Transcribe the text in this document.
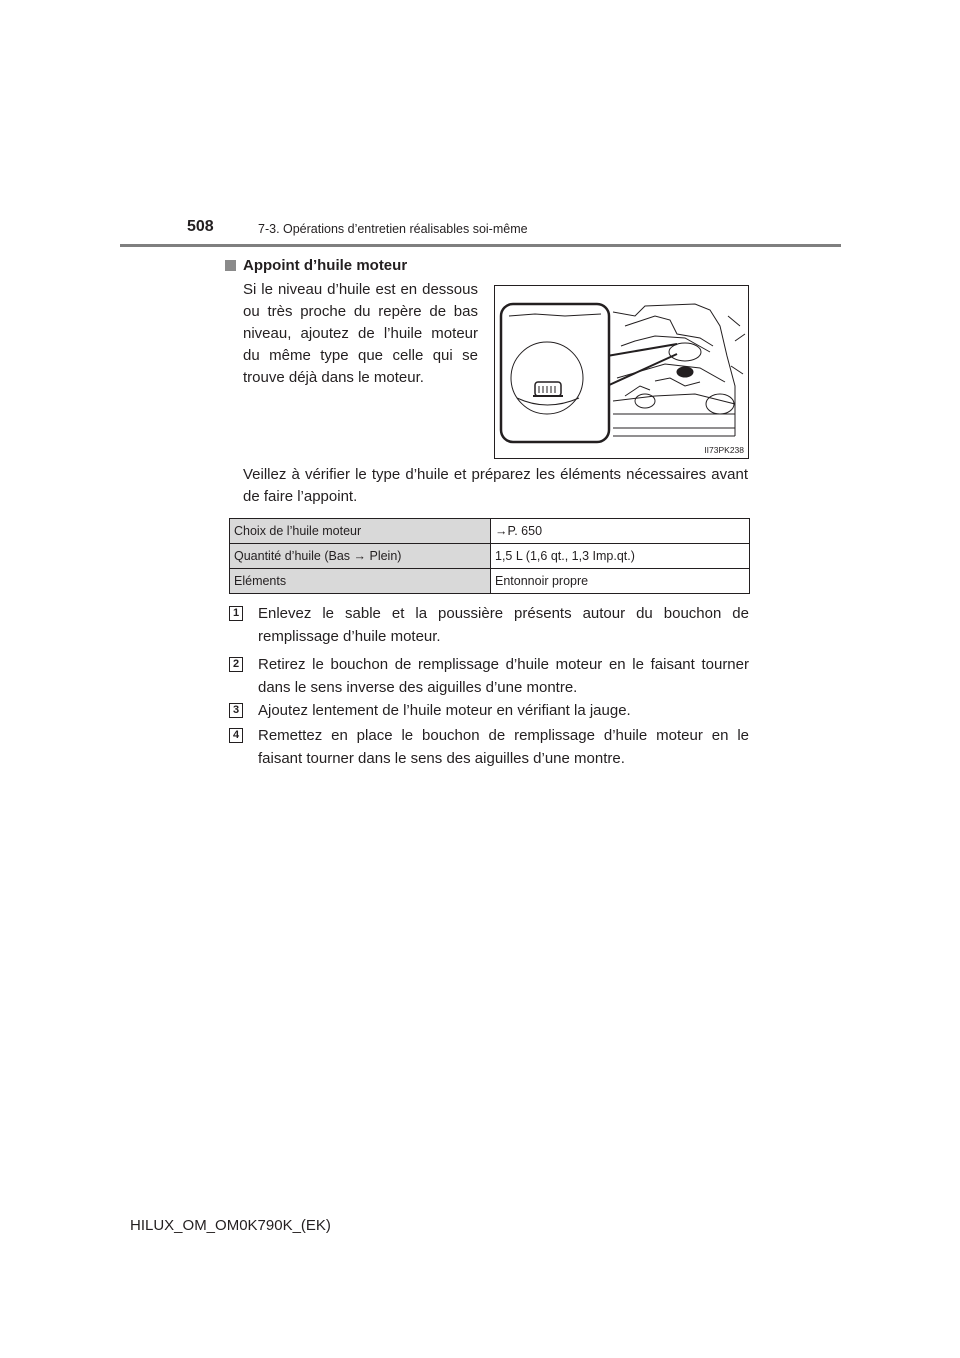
508	7-3. Opérations d’entretien réalisables soi-même
Appoint d’huile moteur

Si le niveau d’huile est en dessous ou très proche du repère de bas niveau, ajoutez de l’huile moteur du même type que celle qui se trouve déjà dans le moteur.

II73PK238

Veillez à vérifier le type d’huile et préparez les éléments nécessaires avant de faire l’appoint.

Choix de l’huile moteur	→P. 650
Quantité d’huile (Bas → Plein)	1,5 L (1,6 qt., 1,3 Imp.qt.)
Eléments	Entonnoir propre
1 Enlevez le sable et la poussière présents autour du bouchon de remplissage d’huile moteur.

2 Retirez le bouchon de remplissage d’huile moteur en le faisant tourner dans le sens inverse des aiguilles d’une montre.

3 Ajoutez lentement de l’huile moteur en vérifiant la jauge.

4 Remettez en place le bouchon de remplissage d’huile moteur en le faisant tourner dans le sens des aiguilles d’une montre.

HILUX_OM_OM0K790K_(EK)
